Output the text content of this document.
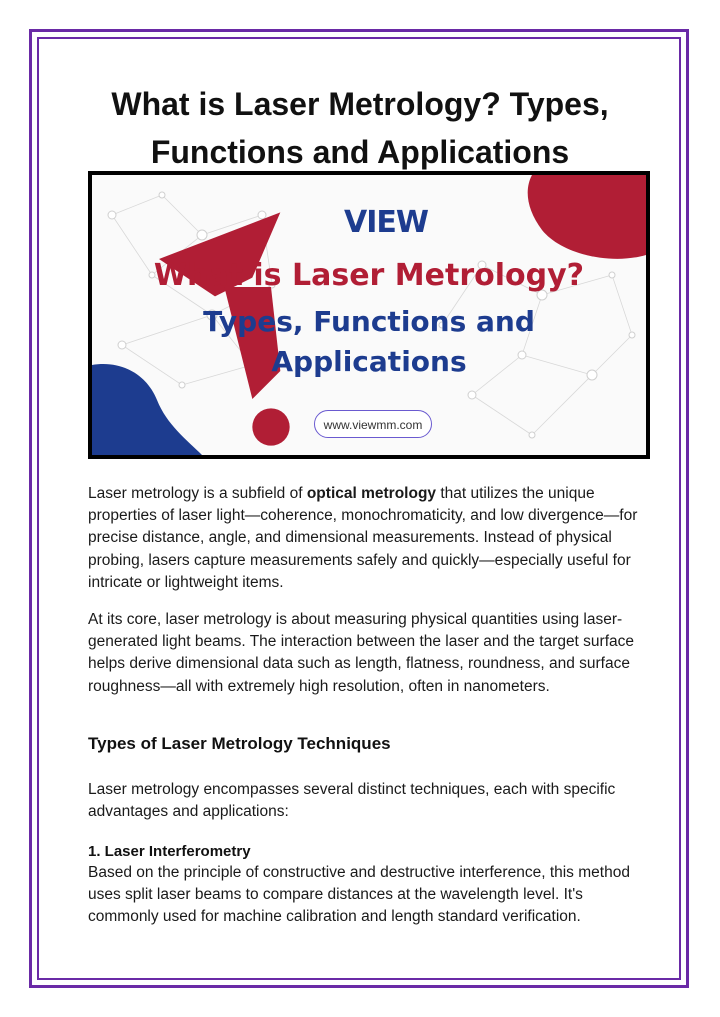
What is Laser Metrology? Types, Functions and Applications
VIEW

What is Laser Metrology?

Types, Functions and

Applications

www.viewmm.com

Laser metrology is a subfield of optical metrology that utilizes the unique properties of laser light—coherence, monochromaticity, and low divergence—for precise distance, angle, and dimensional measurements. Instead of physical probing, lasers capture measurements safely and quickly—especially useful for intricate or lightweight items.

At its core, laser metrology is about measuring physical quantities using laser-generated light beams. The interaction between the laser and the target surface helps derive dimensional data such as length, flatness, roundness, and surface roughness—all with extremely high resolution, often in nanometers.

Types of Laser Metrology Techniques

Laser metrology encompasses several distinct techniques, each with specific advantages and applications:

1. Laser Interferometry

Based on the principle of constructive and destructive interference, this method uses split laser beams to compare distances at the wavelength level. It's commonly used for machine calibration and length standard verification.
